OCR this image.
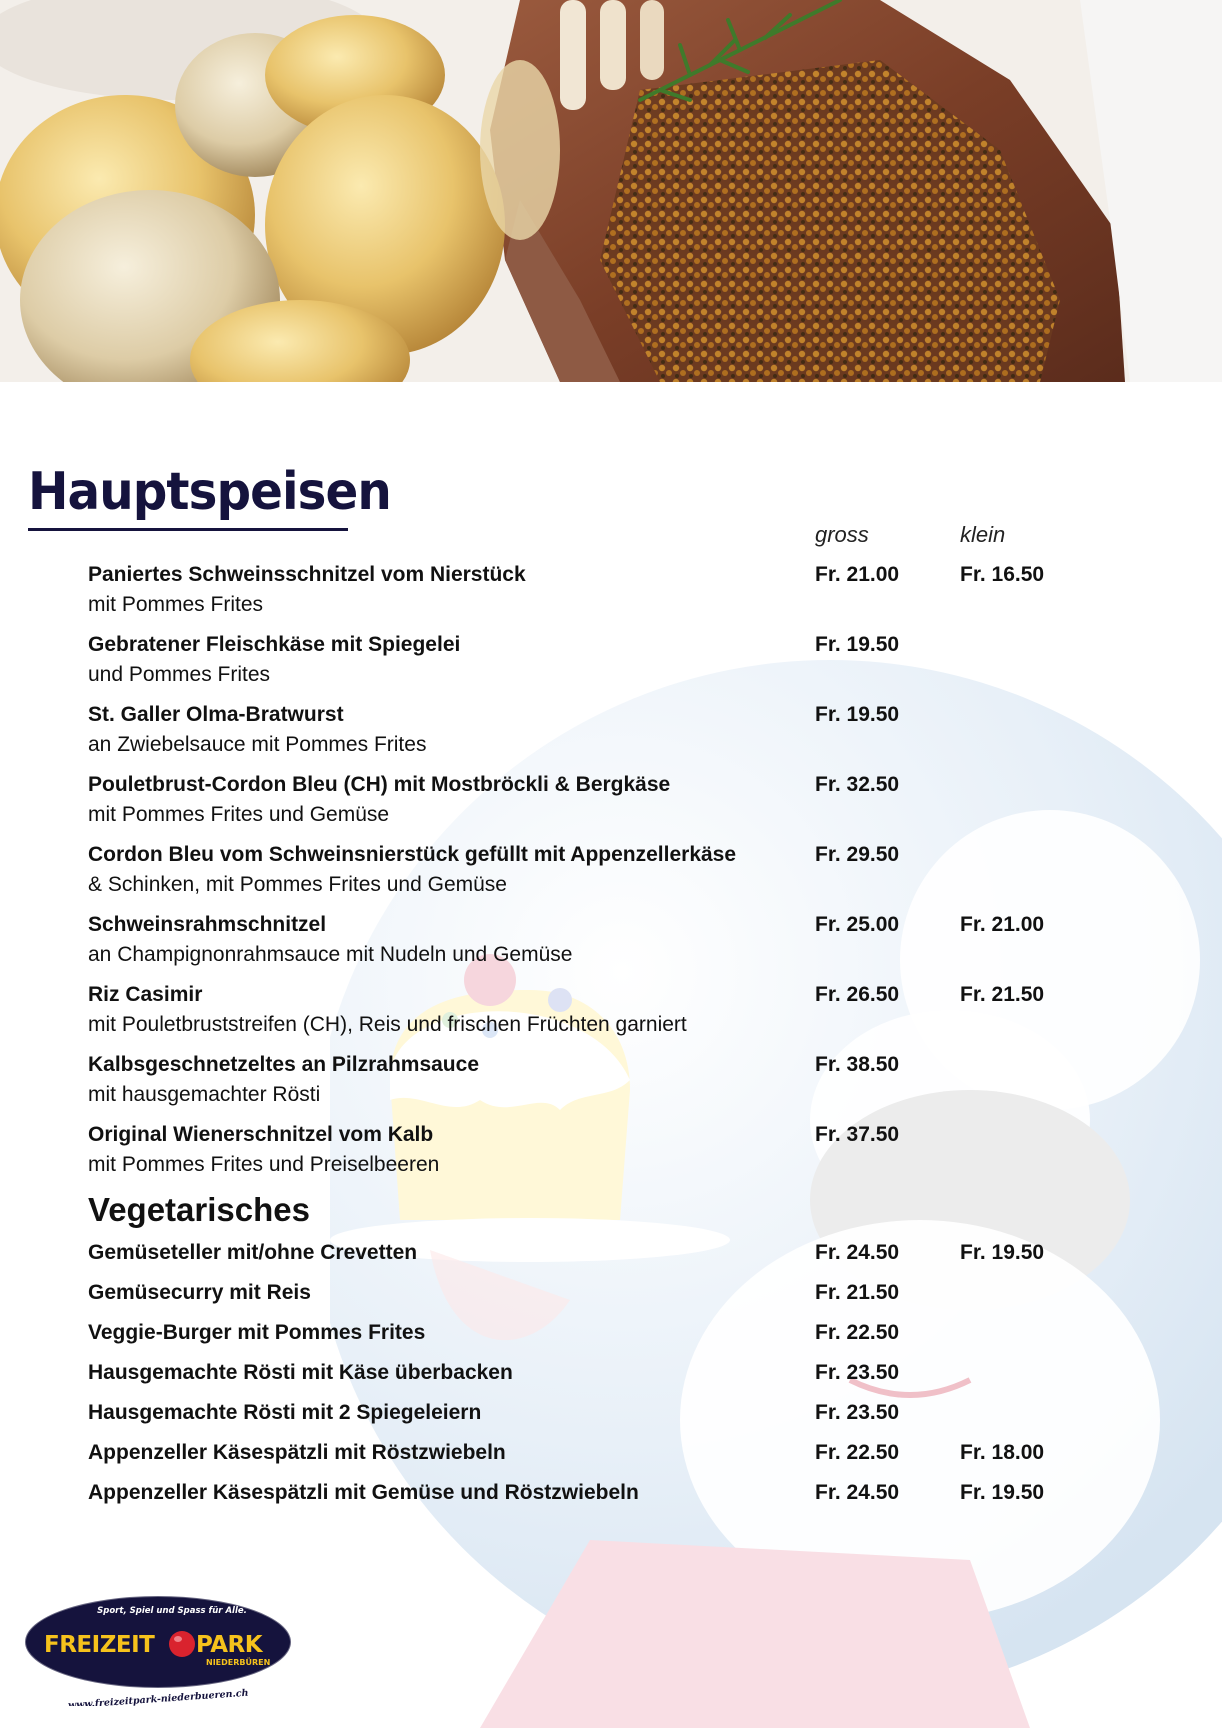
Hauptspeisen
gross	klein
Paniertes Schweinsschnitzel vom Nierstück
mit Pommes Frites
Fr. 21.00	Fr. 16.50
Gebratener Fleischkäse mit Spiegelei
und Pommes Frites
Fr. 19.50
St. Galler Olma-Bratwurst
an Zwiebelsauce mit Pommes Frites
Fr. 19.50
Pouletbrust-Cordon Bleu (CH) mit Mostbröckli & Bergkäse
mit Pommes Frites und Gemüse
Fr. 32.50
Cordon Bleu vom Schweinsnierstück gefüllt mit Appenzellerkäse
& Schinken, mit Pommes Frites und Gemüse
Fr. 29.50
Schweinsrahmschnitzel
an Champignonrahmsauce mit Nudeln und Gemüse
Fr. 25.00	Fr. 21.00
Riz Casimir
mit Pouletbruststreifen (CH), Reis und frischen Früchten garniert
Fr. 26.50	Fr. 21.50
Kalbsgeschnetzeltes an Pilzrahmsauce
mit hausgemachter Rösti
Fr. 38.50
Original Wienerschnitzel vom Kalb
mit Pommes Frites und Preiselbeeren
Fr. 37.50
Vegetarisches
Gemüseteller mit/ohne Crevetten	Fr. 24.50	Fr. 19.50
Gemüsecurry mit Reis	Fr. 21.50
Veggie-Burger mit Pommes Frites	Fr. 22.50
Hausgemachte Rösti mit Käse überbacken	Fr. 23.50
Hausgemachte Rösti mit 2 Spiegeleiern	Fr. 23.50
Appenzeller Käsespätzli mit Röstzwiebeln	Fr. 22.50	Fr. 18.00
Appenzeller Käsespätzli mit Gemüse und Röstzwiebeln	Fr. 24.50	Fr. 19.50
Sport, Spiel und Spass für Alle.
FREIZEIT PARK
NIEDERBÜREN
www.freizeitpark-niederbueren.ch
